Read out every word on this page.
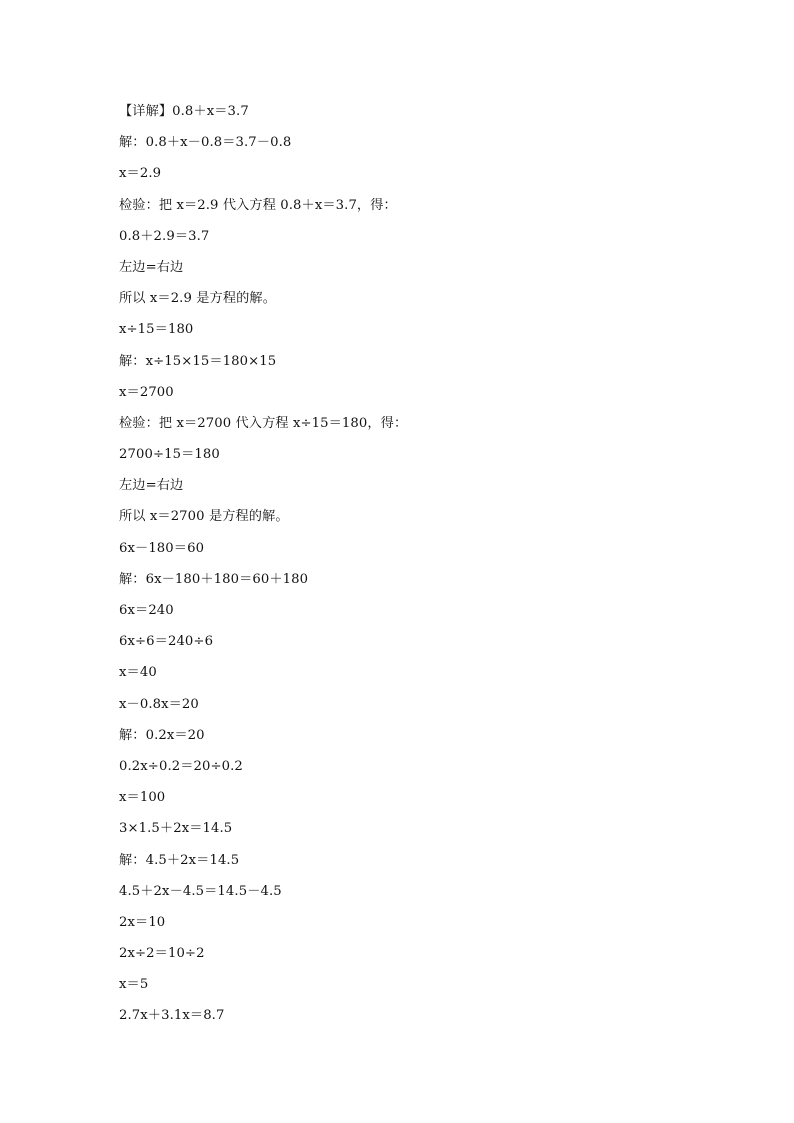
【详解】0.8＋x＝3.7
解：0.8＋x－0.8＝3.7－0.8
x＝2.9
检验：把 x＝2.9 代入方程 0.8＋x＝3.7，得：
0.8＋2.9＝3.7
左边=右边
所以 x＝2.9 是方程的解。
x÷15＝180
解：x÷15×15＝180×15
x＝2700
检验：把 x＝2700 代入方程 x÷15＝180，得：
2700÷15＝180
左边=右边
所以 x＝2700 是方程的解。
6x－180＝60
解：6x－180＋180＝60＋180
6x＝240
6x÷6＝240÷6
x＝40
x－0.8x＝20
解：0.2x＝20
0.2x÷0.2＝20÷0.2
x＝100
3×1.5＋2x＝14.5
解：4.5＋2x＝14.5
4.5＋2x－4.5＝14.5－4.5
2x＝10
2x÷2＝10÷2
x＝5
2.7x＋3.1x＝8.7
